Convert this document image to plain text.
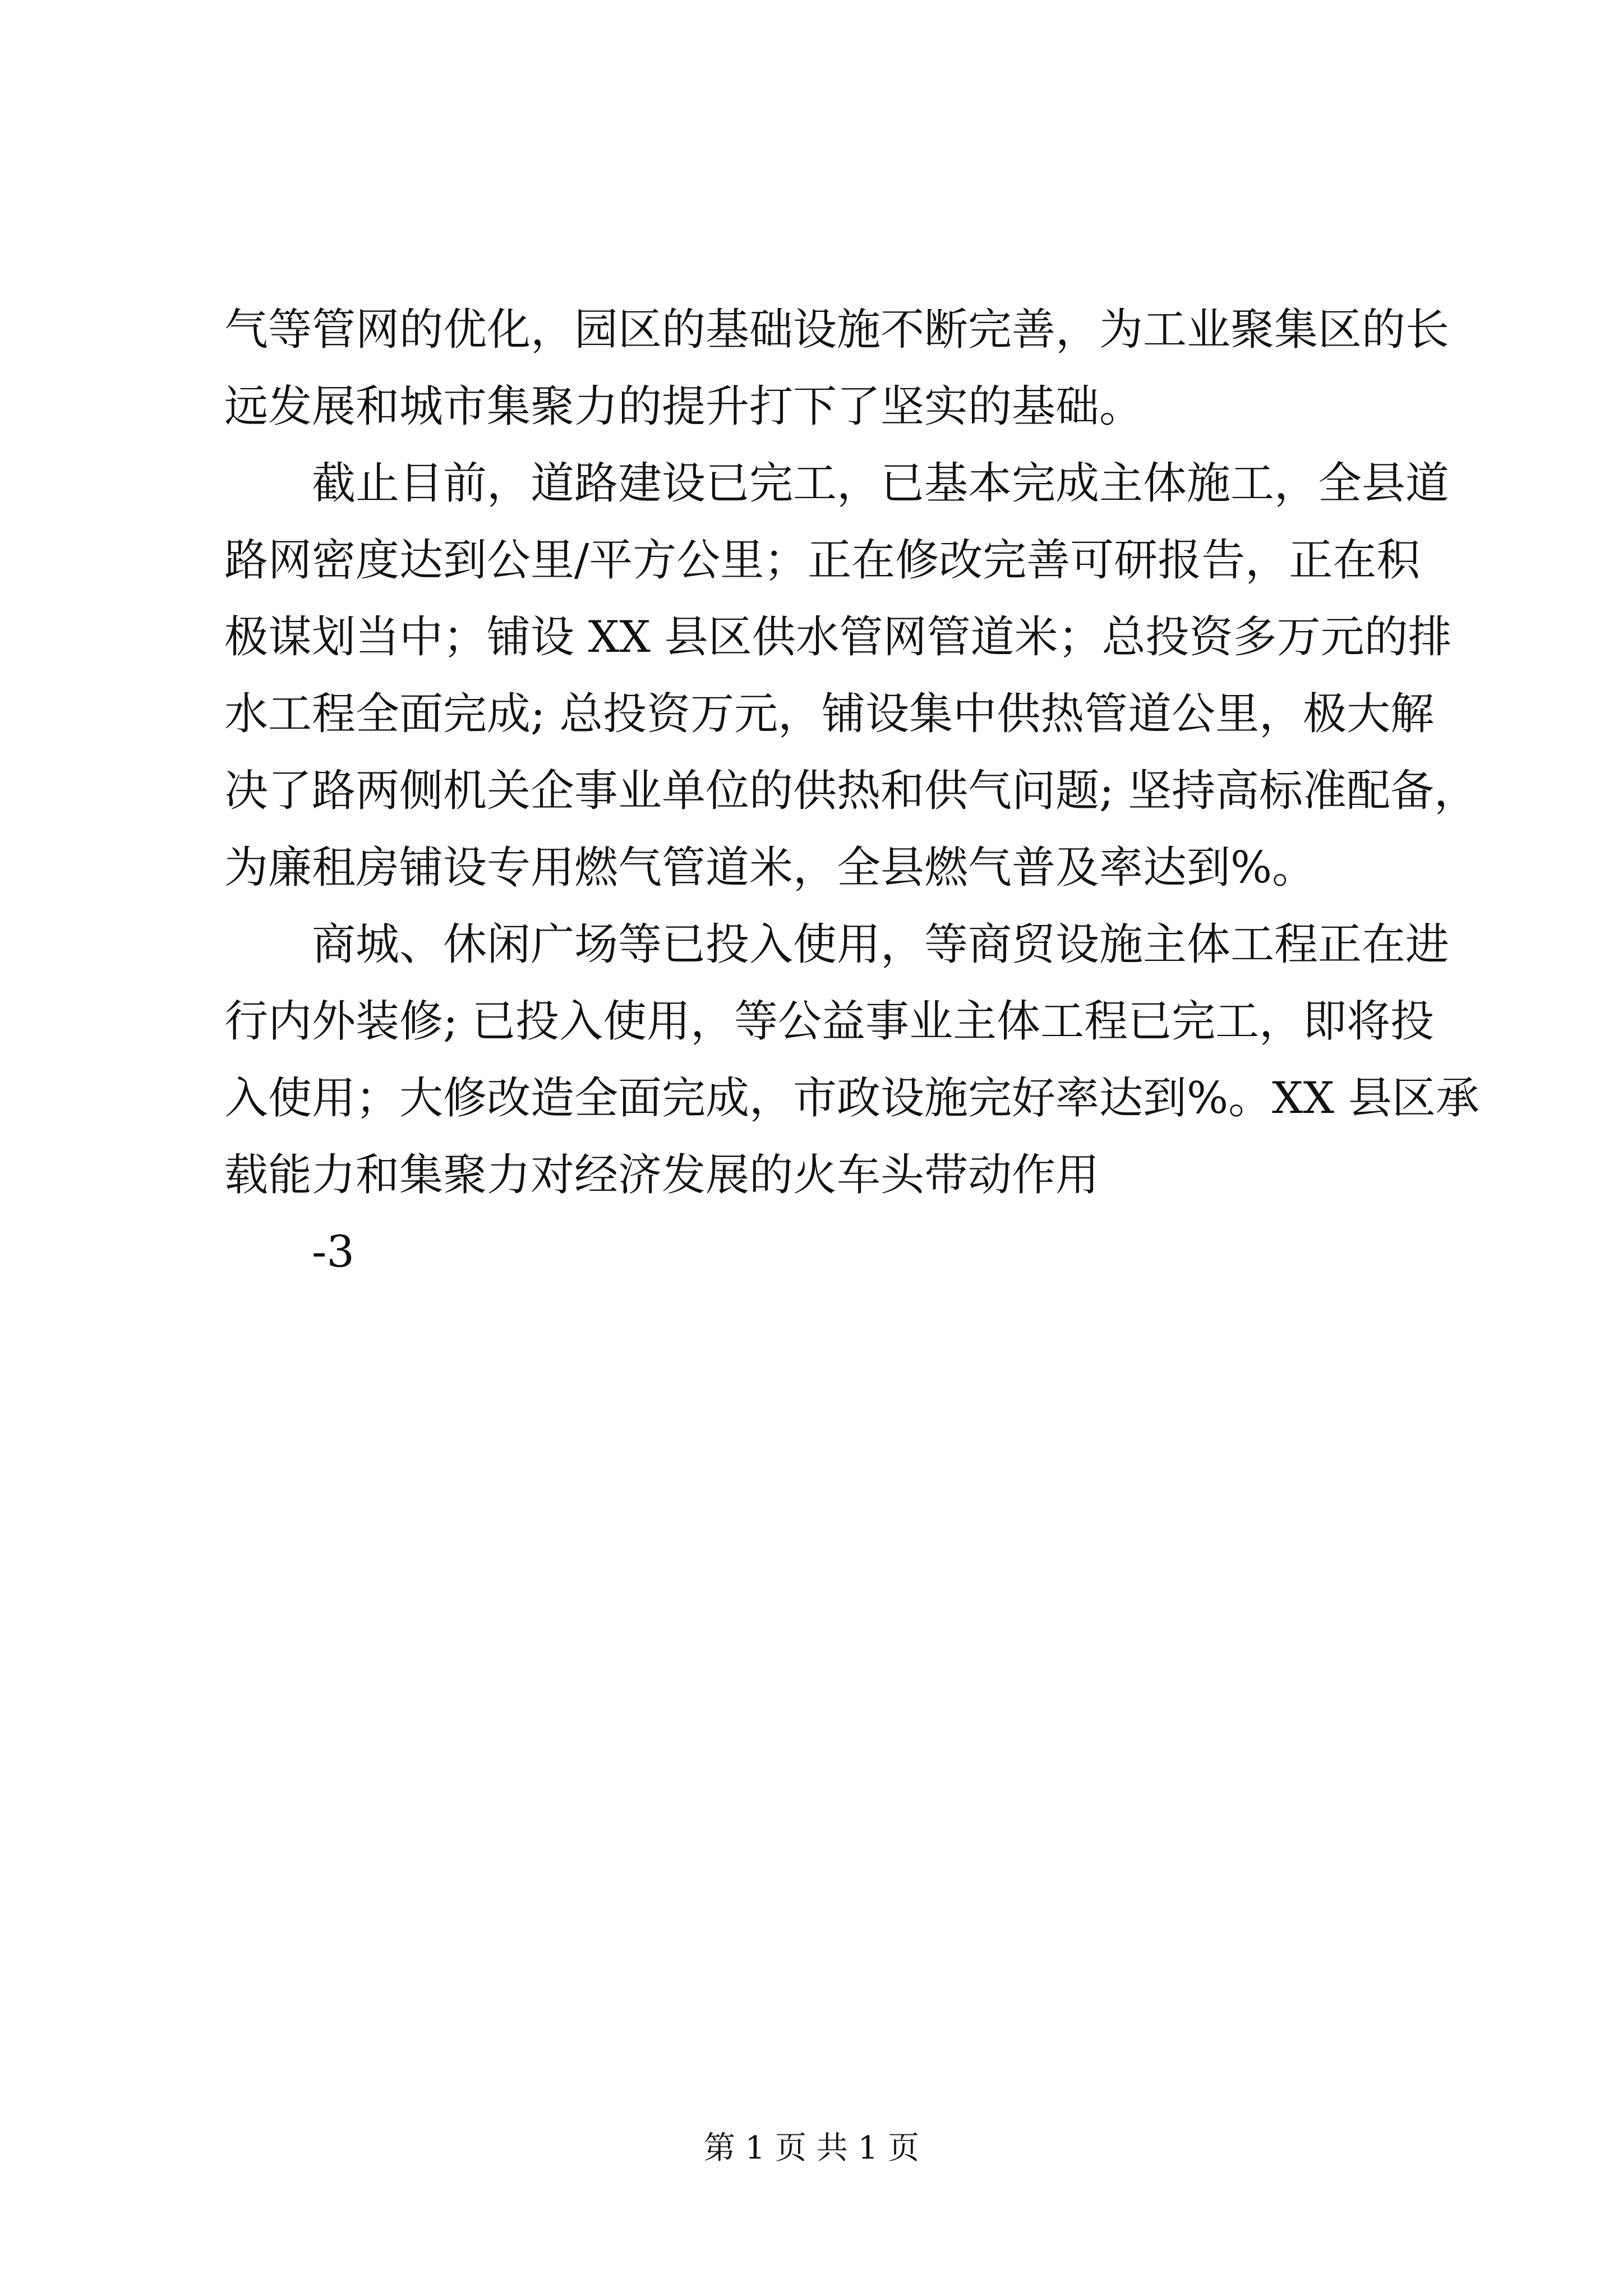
气等管网的优化，园区的基础设施不断完善，为工业聚集区的长
远发展和城市集聚力的提升打下了坚实的基础。

截止目前，道路建设已完工，已基本完成主体施工，全县道
路网密度达到公里/平方公里；正在修改完善可研报告，正在积
极谋划当中；铺设 XX 县区供水管网管道米；总投资多万元的排
水工程全面完成; 总投资万元，铺设集中供热管道公里，极大解
决了路两侧机关企事业单位的供热和供气问题; 坚持高标准配备，
为廉租房铺设专用燃气管道米，全县燃气普及率达到%。

商城、休闲广场等已投入使用，等商贸设施主体工程正在进
行内外装修; 已投入使用，等公益事业主体工程已完工，即将投
入使用；大修改造全面完成，市政设施完好率达到%。XX 县区承
载能力和集聚力对经济发展的火车头带动作用

-3

第 1 页 共 1 页
